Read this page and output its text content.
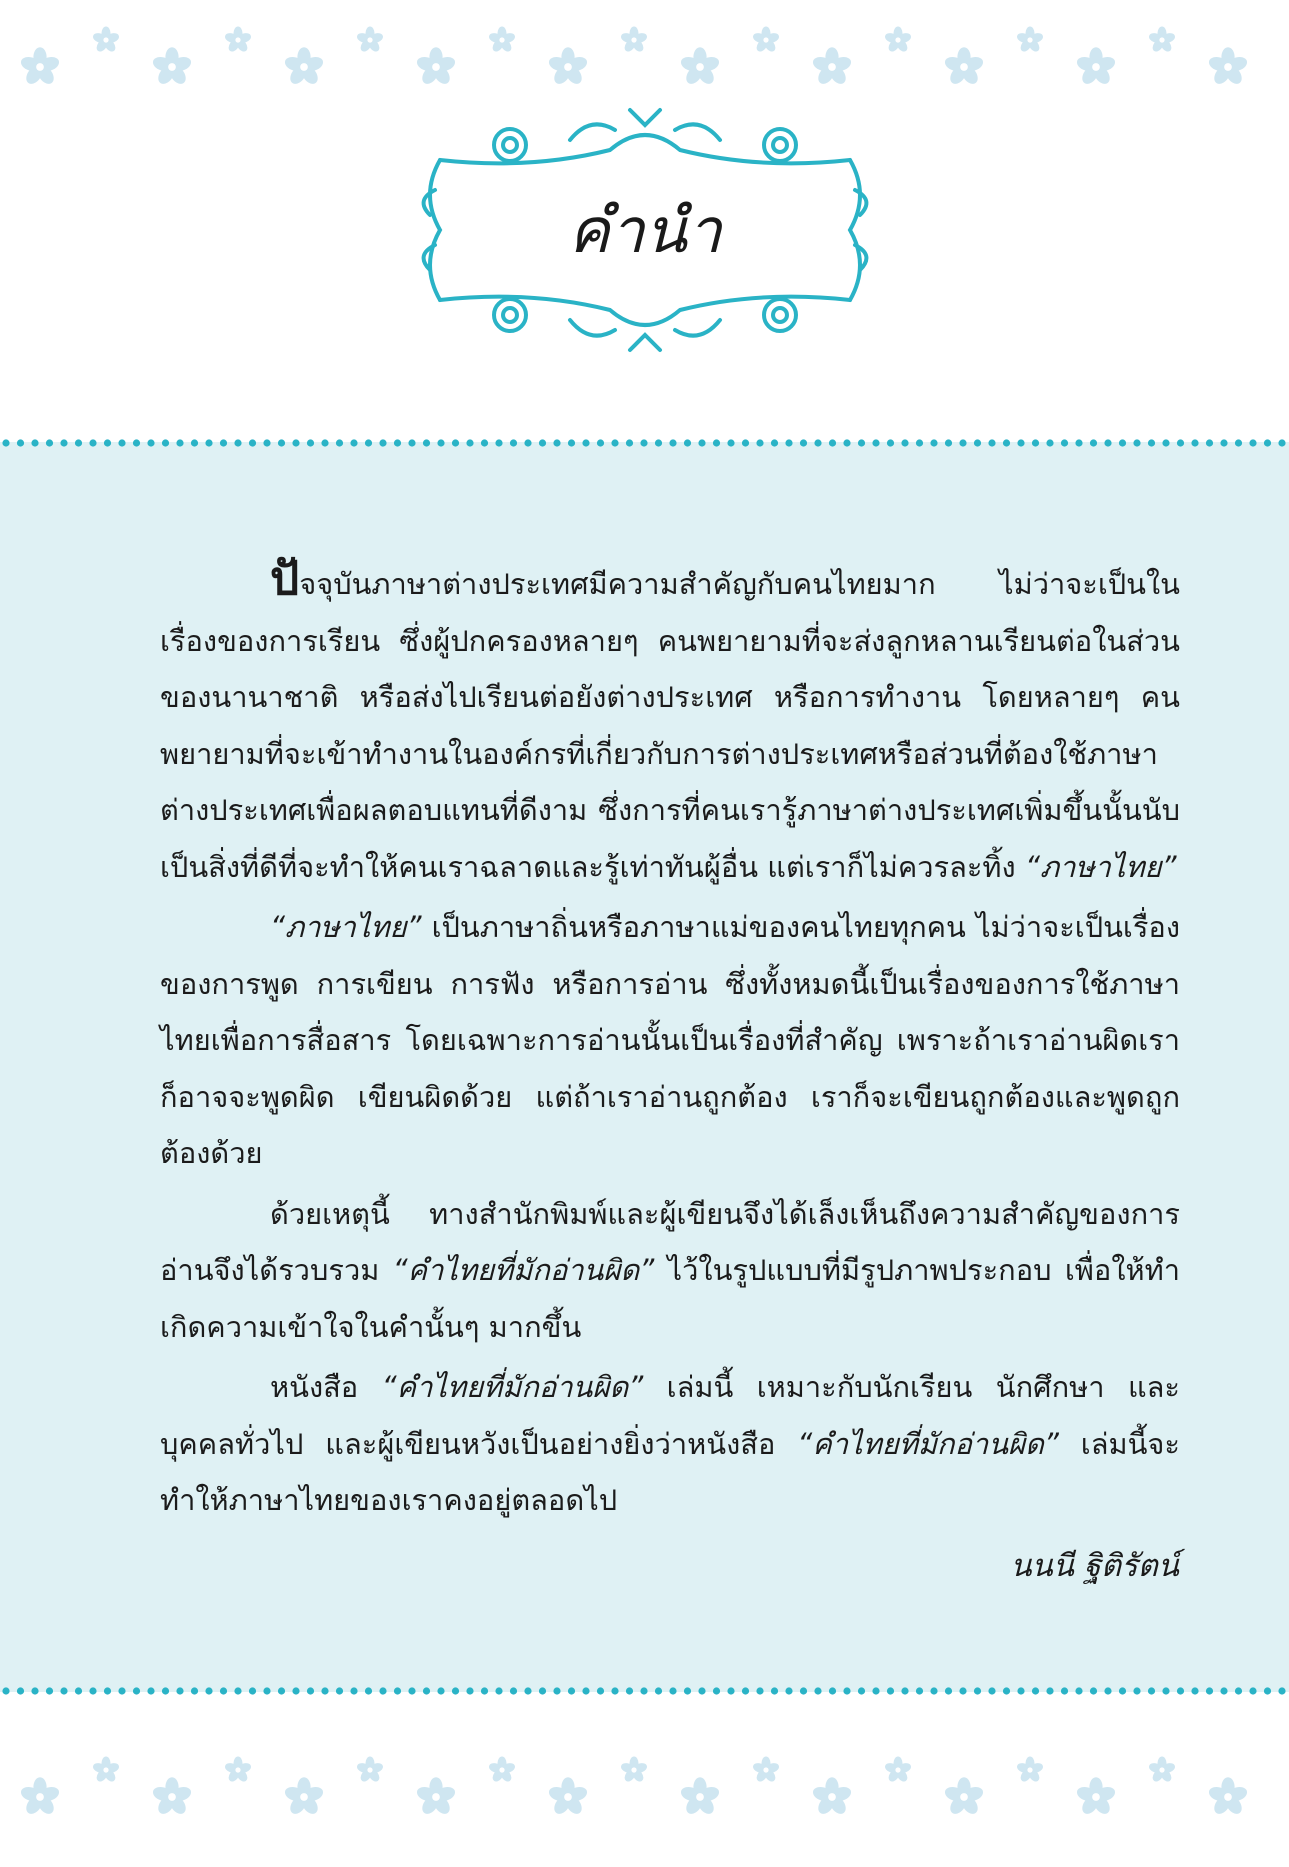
คำนำ

ปัจจุบันภาษาต่างประเทศมีความสำคัญกับคนไทยมาก ไม่ว่าจะเป็นในเรื่องของการเรียน ซึ่งผู้ปกครองหลายๆ คนพยายามที่จะส่งลูกหลานเรียนต่อในส่วนของนานาชาติ หรือส่งไปเรียนต่อยังต่างประเทศ หรือการทำงาน โดยหลายๆ คนพยายามที่จะเข้าทำงานในองค์กรที่เกี่ยวกับการต่างประเทศหรือส่วนที่ต้องใช้ภาษาต่างประเทศเพื่อผลตอบแทนที่ดีงาม ซึ่งการที่คนเรารู้ภาษาต่างประเทศเพิ่มขึ้นนั้นนับเป็นสิ่งที่ดีที่จะทำให้คนเราฉลาดและรู้เท่าทันผู้อื่น แต่เราก็ไม่ควรละทิ้ง “ภาษาไทย”

“ภาษาไทย” เป็นภาษาถิ่นหรือภาษาแม่ของคนไทยทุกคน ไม่ว่าจะเป็นเรื่องของการพูด การเขียน การฟัง หรือการอ่าน ซึ่งทั้งหมดนี้เป็นเรื่องของการใช้ภาษาไทยเพื่อการสื่อสาร โดยเฉพาะการอ่านนั้นเป็นเรื่องที่สำคัญ เพราะถ้าเราอ่านผิดเราก็อาจจะพูดผิด เขียนผิดด้วย แต่ถ้าเราอ่านถูกต้อง เราก็จะเขียนถูกต้องและพูดถูกต้องด้วย

ด้วยเหตุนี้ ทางสำนักพิมพ์และผู้เขียนจึงได้เล็งเห็นถึงความสำคัญของการอ่านจึงได้รวบรวม “คำไทยที่มักอ่านผิด” ไว้ในรูปแบบที่มีรูปภาพประกอบ เพื่อให้ทำเกิดความเข้าใจในคำนั้นๆ มากขึ้น

หนังสือ “คำไทยที่มักอ่านผิด” เล่มนี้ เหมาะกับนักเรียน นักศึกษา และบุคคลทั่วไป และผู้เขียนหวังเป็นอย่างยิ่งว่าหนังสือ “คำไทยที่มักอ่านผิด” เล่มนี้จะทำให้ภาษาไทยของเราคงอยู่ตลอดไป

นนนี ฐิติรัตน์
